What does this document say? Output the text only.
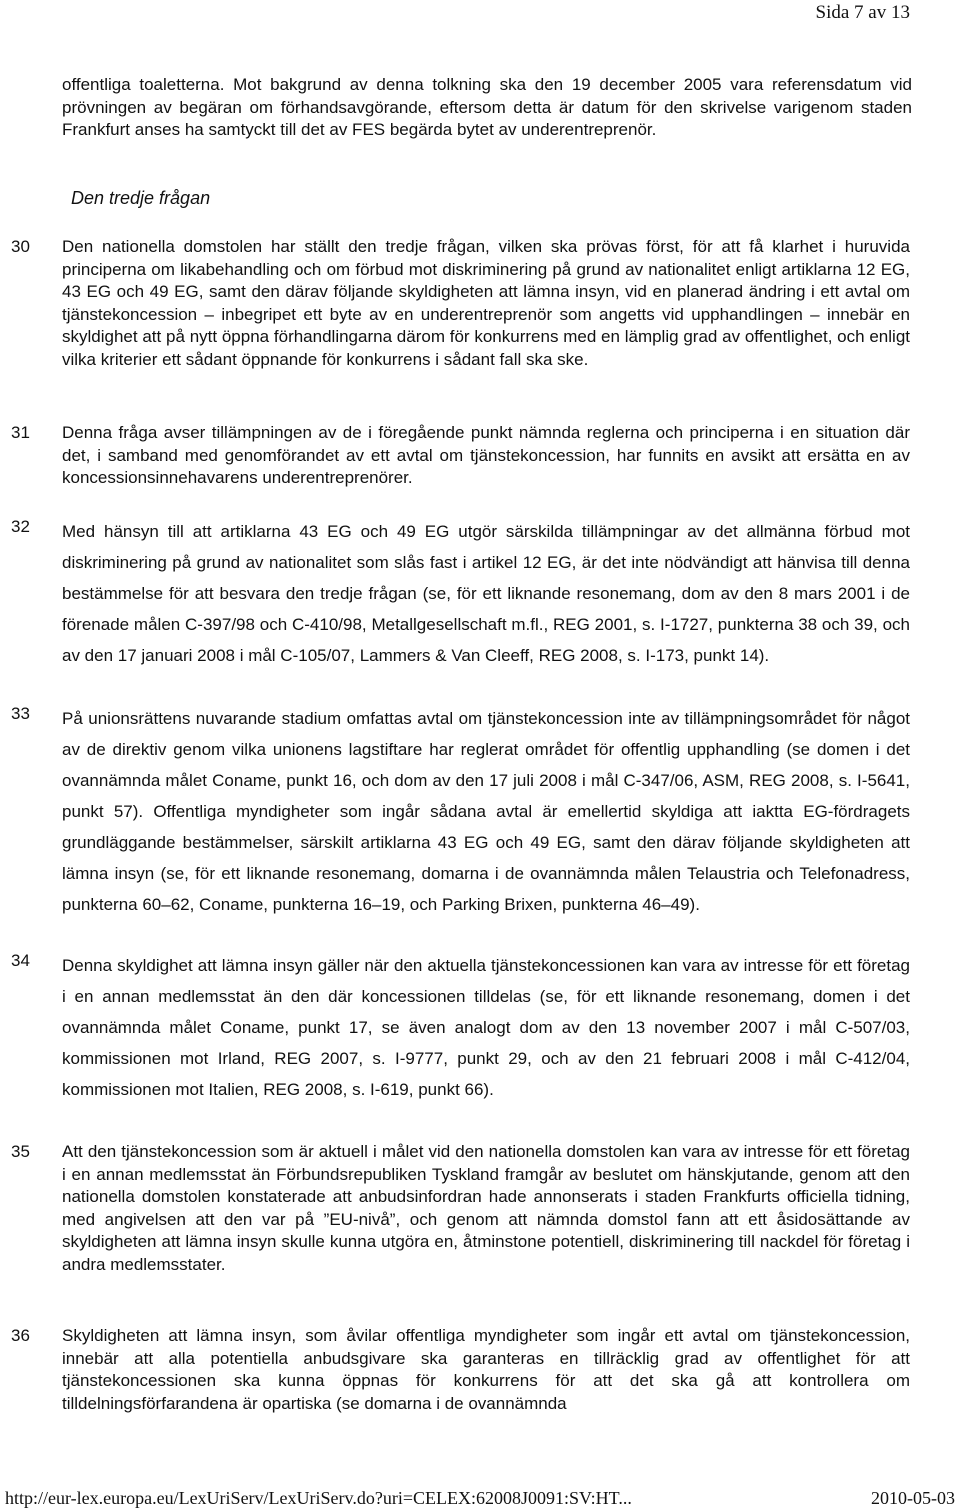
Sida 7 av 13
offentliga toaletterna. Mot bakgrund av denna tolkning ska den 19 december 2005 vara referensdatum vid prövningen av begäran om förhandsavgörande, eftersom detta är datum för den skrivelse varigenom staden Frankfurt anses ha samtyckt till det av FES begärda bytet av underentreprenör.
Den tredje frågan
30	Den nationella domstolen har ställt den tredje frågan, vilken ska prövas först, för att få klarhet i huruvida principerna om likabehandling och om förbud mot diskriminering på grund av nationalitet enligt artiklarna 12 EG, 43 EG och 49 EG, samt den därav följande skyldigheten att lämna insyn, vid en planerad ändring i ett avtal om tjänstekoncession – inbegripet ett byte av en underentreprenör som angetts vid upphandlingen – innebär en skyldighet att på nytt öppna förhandlingarna därom för konkurrens med en lämplig grad av offentlighet, och enligt vilka kriterier ett sådant öppnande för konkurrens i sådant fall ska ske.
31	Denna fråga avser tillämpningen av de i föregående punkt nämnda reglerna och principerna i en situation där det, i samband med genomförandet av ett avtal om tjänstekoncession, har funnits en avsikt att ersätta en av koncessionsinnehavarens underentreprenörer.
32	Med hänsyn till att artiklarna 43 EG och 49 EG utgör särskilda tillämpningar av det allmänna förbud mot diskriminering på grund av nationalitet som slås fast i artikel 12 EG, är det inte nödvändigt att hänvisa till denna bestämmelse för att besvara den tredje frågan (se, för ett liknande resonemang, dom av den 8 mars 2001 i de förenade målen C-397/98 och C-410/98, Metallgesellschaft m.fl., REG 2001, s. I-1727, punkterna 38 och 39, och av den 17 januari 2008 i mål C-105/07, Lammers & Van Cleeff, REG 2008, s. I-173, punkt 14).
33	På unionsrättens nuvarande stadium omfattas avtal om tjänstekoncession inte av tillämpningsområdet för något av de direktiv genom vilka unionens lagstiftare har reglerat området för offentlig upphandling (se domen i det ovannämnda målet Coname, punkt 16, och dom av den 17 juli 2008 i mål C-347/06, ASM, REG 2008, s. I-5641, punkt 57). Offentliga myndigheter som ingår sådana avtal är emellertid skyldiga att iaktta EG-fördragets grundläggande bestämmelser, särskilt artiklarna 43 EG och 49 EG, samt den därav följande skyldigheten att lämna insyn (se, för ett liknande resonemang, domarna i de ovannämnda målen Telaustria och Telefonadress, punkterna 60–62, Coname, punkterna 16–19, och Parking Brixen, punkterna 46–49).
34	Denna skyldighet att lämna insyn gäller när den aktuella tjänstekoncessionen kan vara av intresse för ett företag i en annan medlemsstat än den där koncessionen tilldelas (se, för ett liknande resonemang, domen i det ovannämnda målet Coname, punkt 17, se även analogt dom av den 13 november 2007 i mål C-507/03, kommissionen mot Irland, REG 2007, s. I-9777, punkt 29, och av den 21 februari 2008 i mål C-412/04, kommissionen mot Italien, REG 2008, s. I-619, punkt 66).
35	Att den tjänstekoncession som är aktuell i målet vid den nationella domstolen kan vara av intresse för ett företag i en annan medlemsstat än Förbundsrepubliken Tyskland framgår av beslutet om hänskjutande, genom att den nationella domstolen konstaterade att anbudsinfordran hade annonserats i staden Frankfurts officiella tidning, med angivelsen att den var på ”EU-nivå”, och genom att nämnda domstol fann att ett åsidosättande av skyldigheten att lämna insyn skulle kunna utgöra en, åtminstone potentiell, diskriminering till nackdel för företag i andra medlemsstater.
36	Skyldigheten att lämna insyn, som åvilar offentliga myndigheter som ingår ett avtal om tjänstekoncession, innebär att alla potentiella anbudsgivare ska garanteras en tillräcklig grad av offentlighet för att tjänstekoncessionen ska kunna öppnas för konkurrens för att det ska gå att kontrollera om tilldelningsförfarandena är opartiska (se domarna i de ovannämnda
http://eur-lex.europa.eu/LexUriServ/LexUriServ.do?uri=CELEX:62008J0091:SV:HT...	2010-05-03
